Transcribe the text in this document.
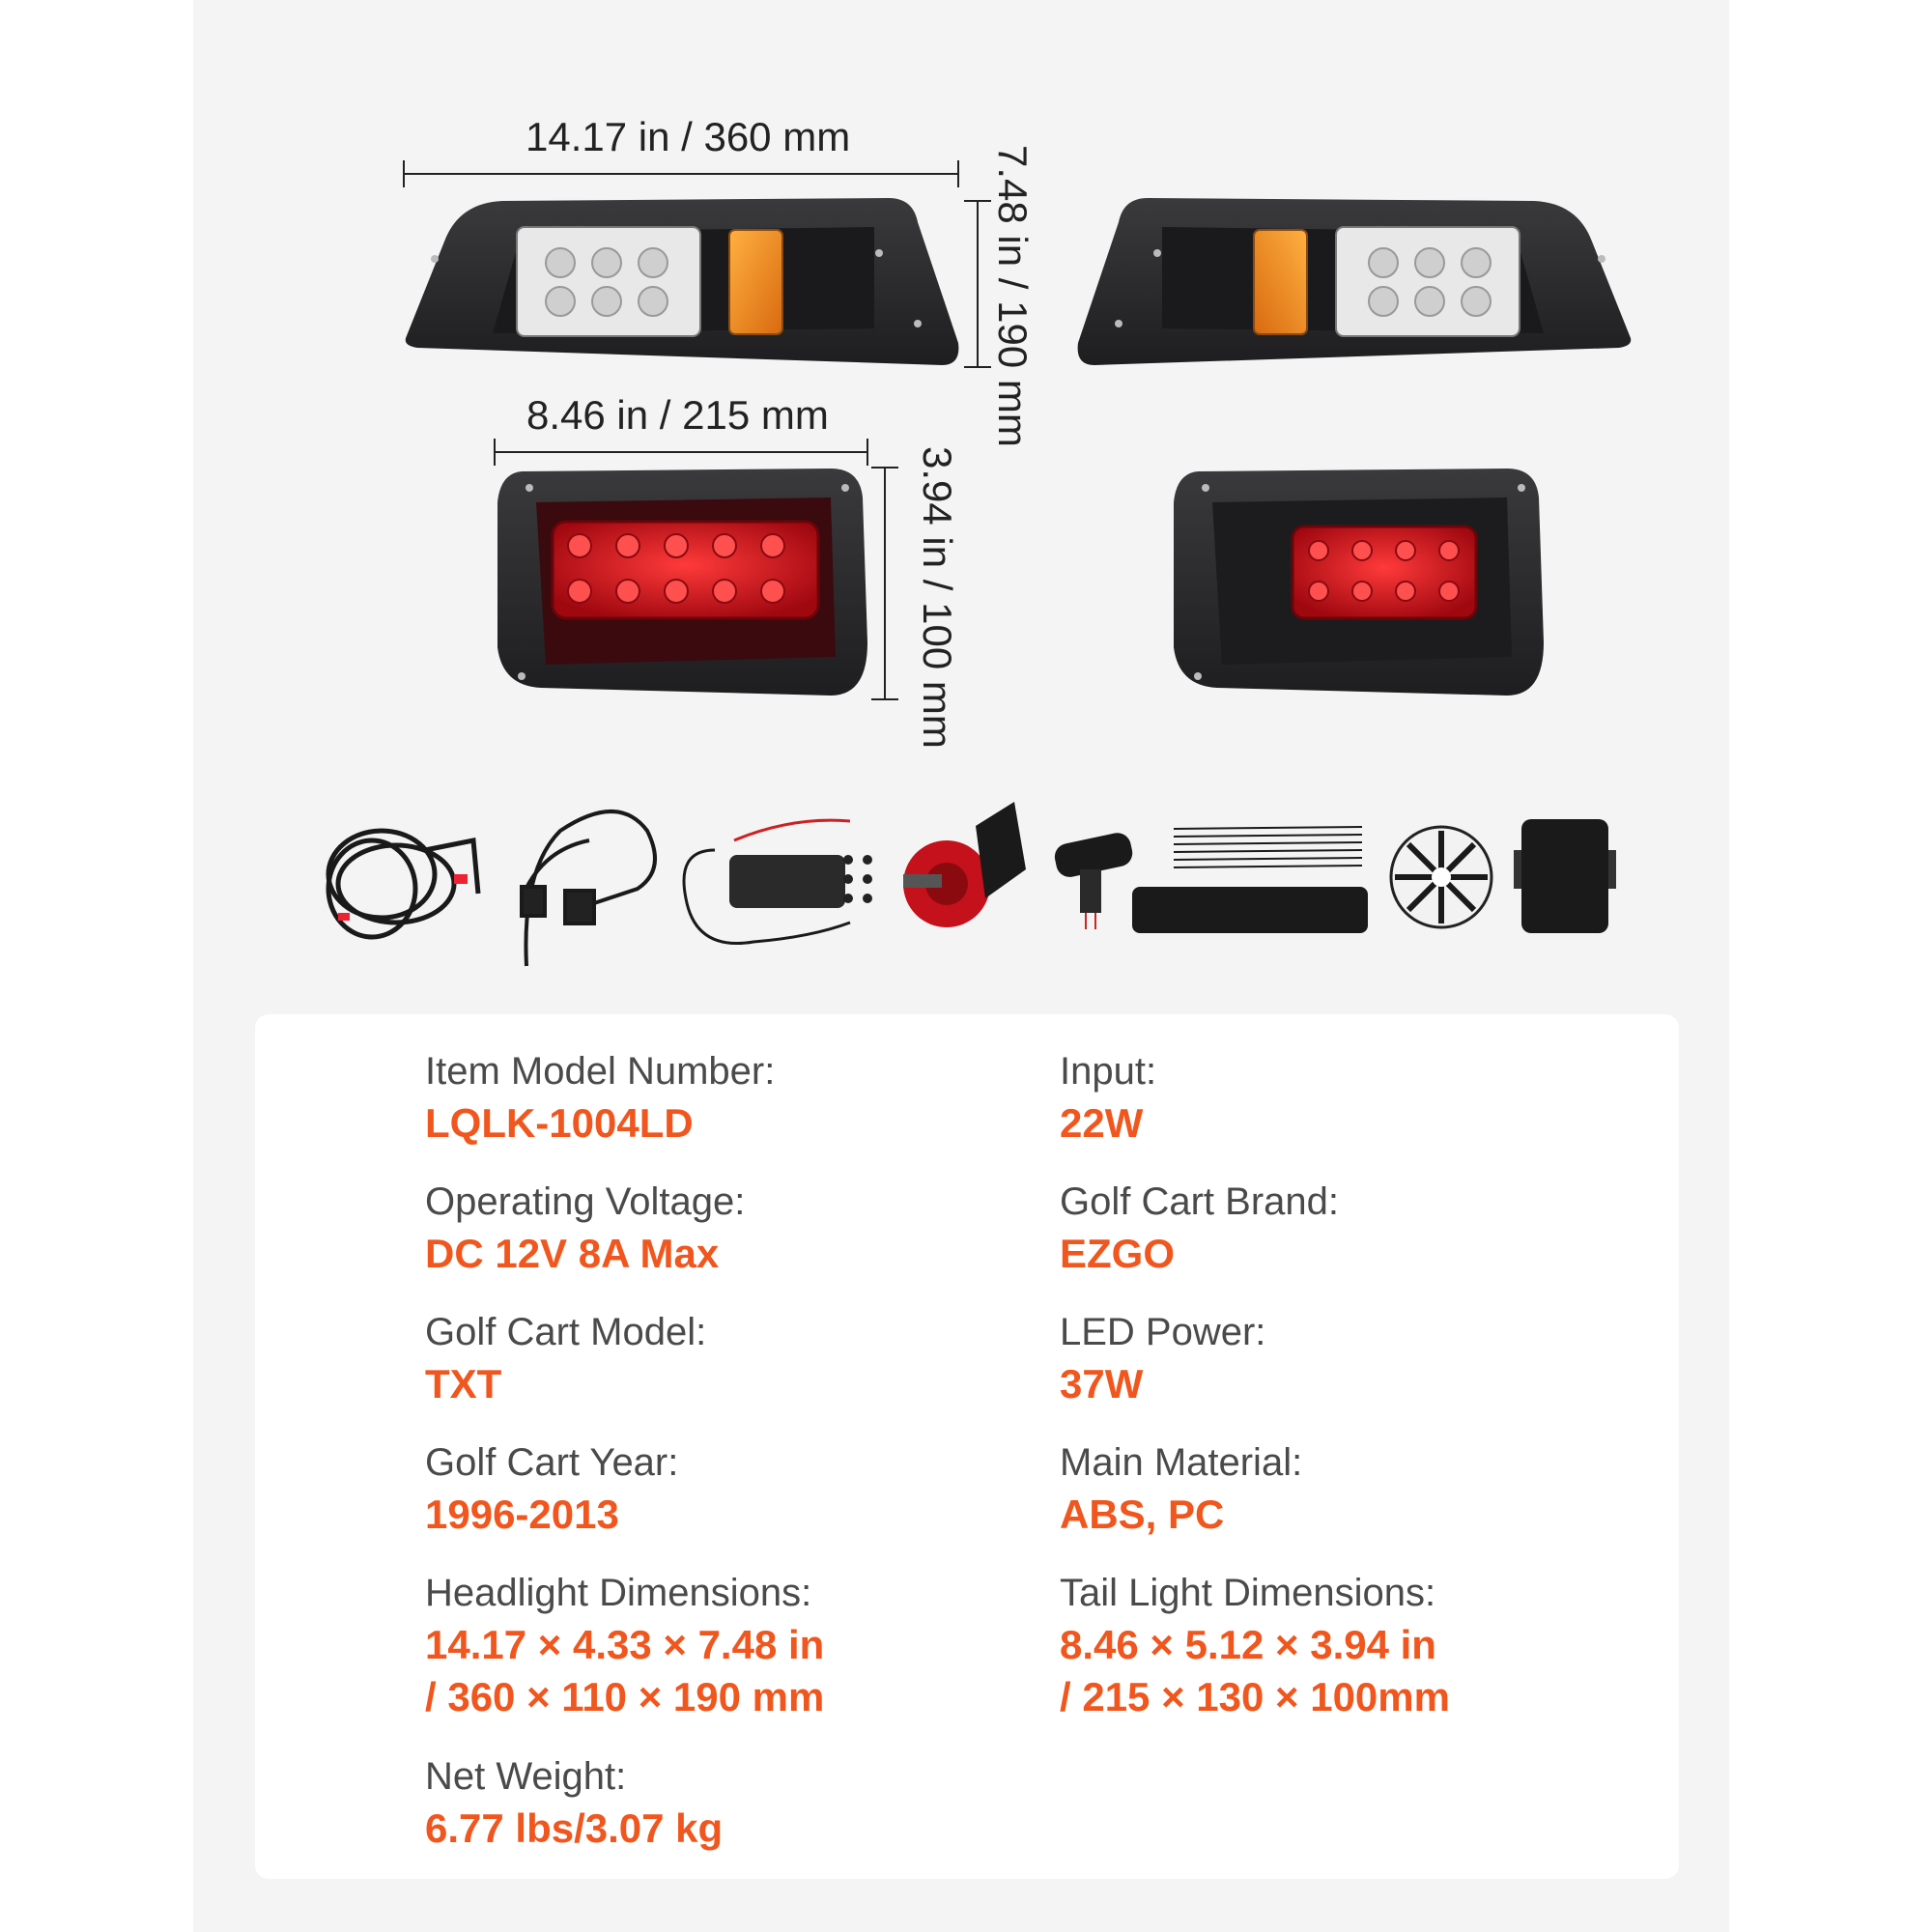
14.17 in / 360 mm
7.48 in / 190 mm
8.46 in / 215 mm
3.94 in / 100 mm
Item Model Number:
LQLK-1004LD
Operating Voltage:
DC 12V 8A Max
Golf Cart Model:
TXT
Golf Cart Year:
1996-2013
Headlight Dimensions:
14.17 × 4.33 × 7.48 in
/ 360 × 110 × 190 mm
Net Weight:
6.77 lbs/3.07 kg
Input:
22W
Golf Cart Brand:
EZGO
LED Power:
37W
Main Material:
ABS, PC
Tail Light Dimensions:
8.46 × 5.12 × 3.94 in
/ 215 × 130 × 100mm
